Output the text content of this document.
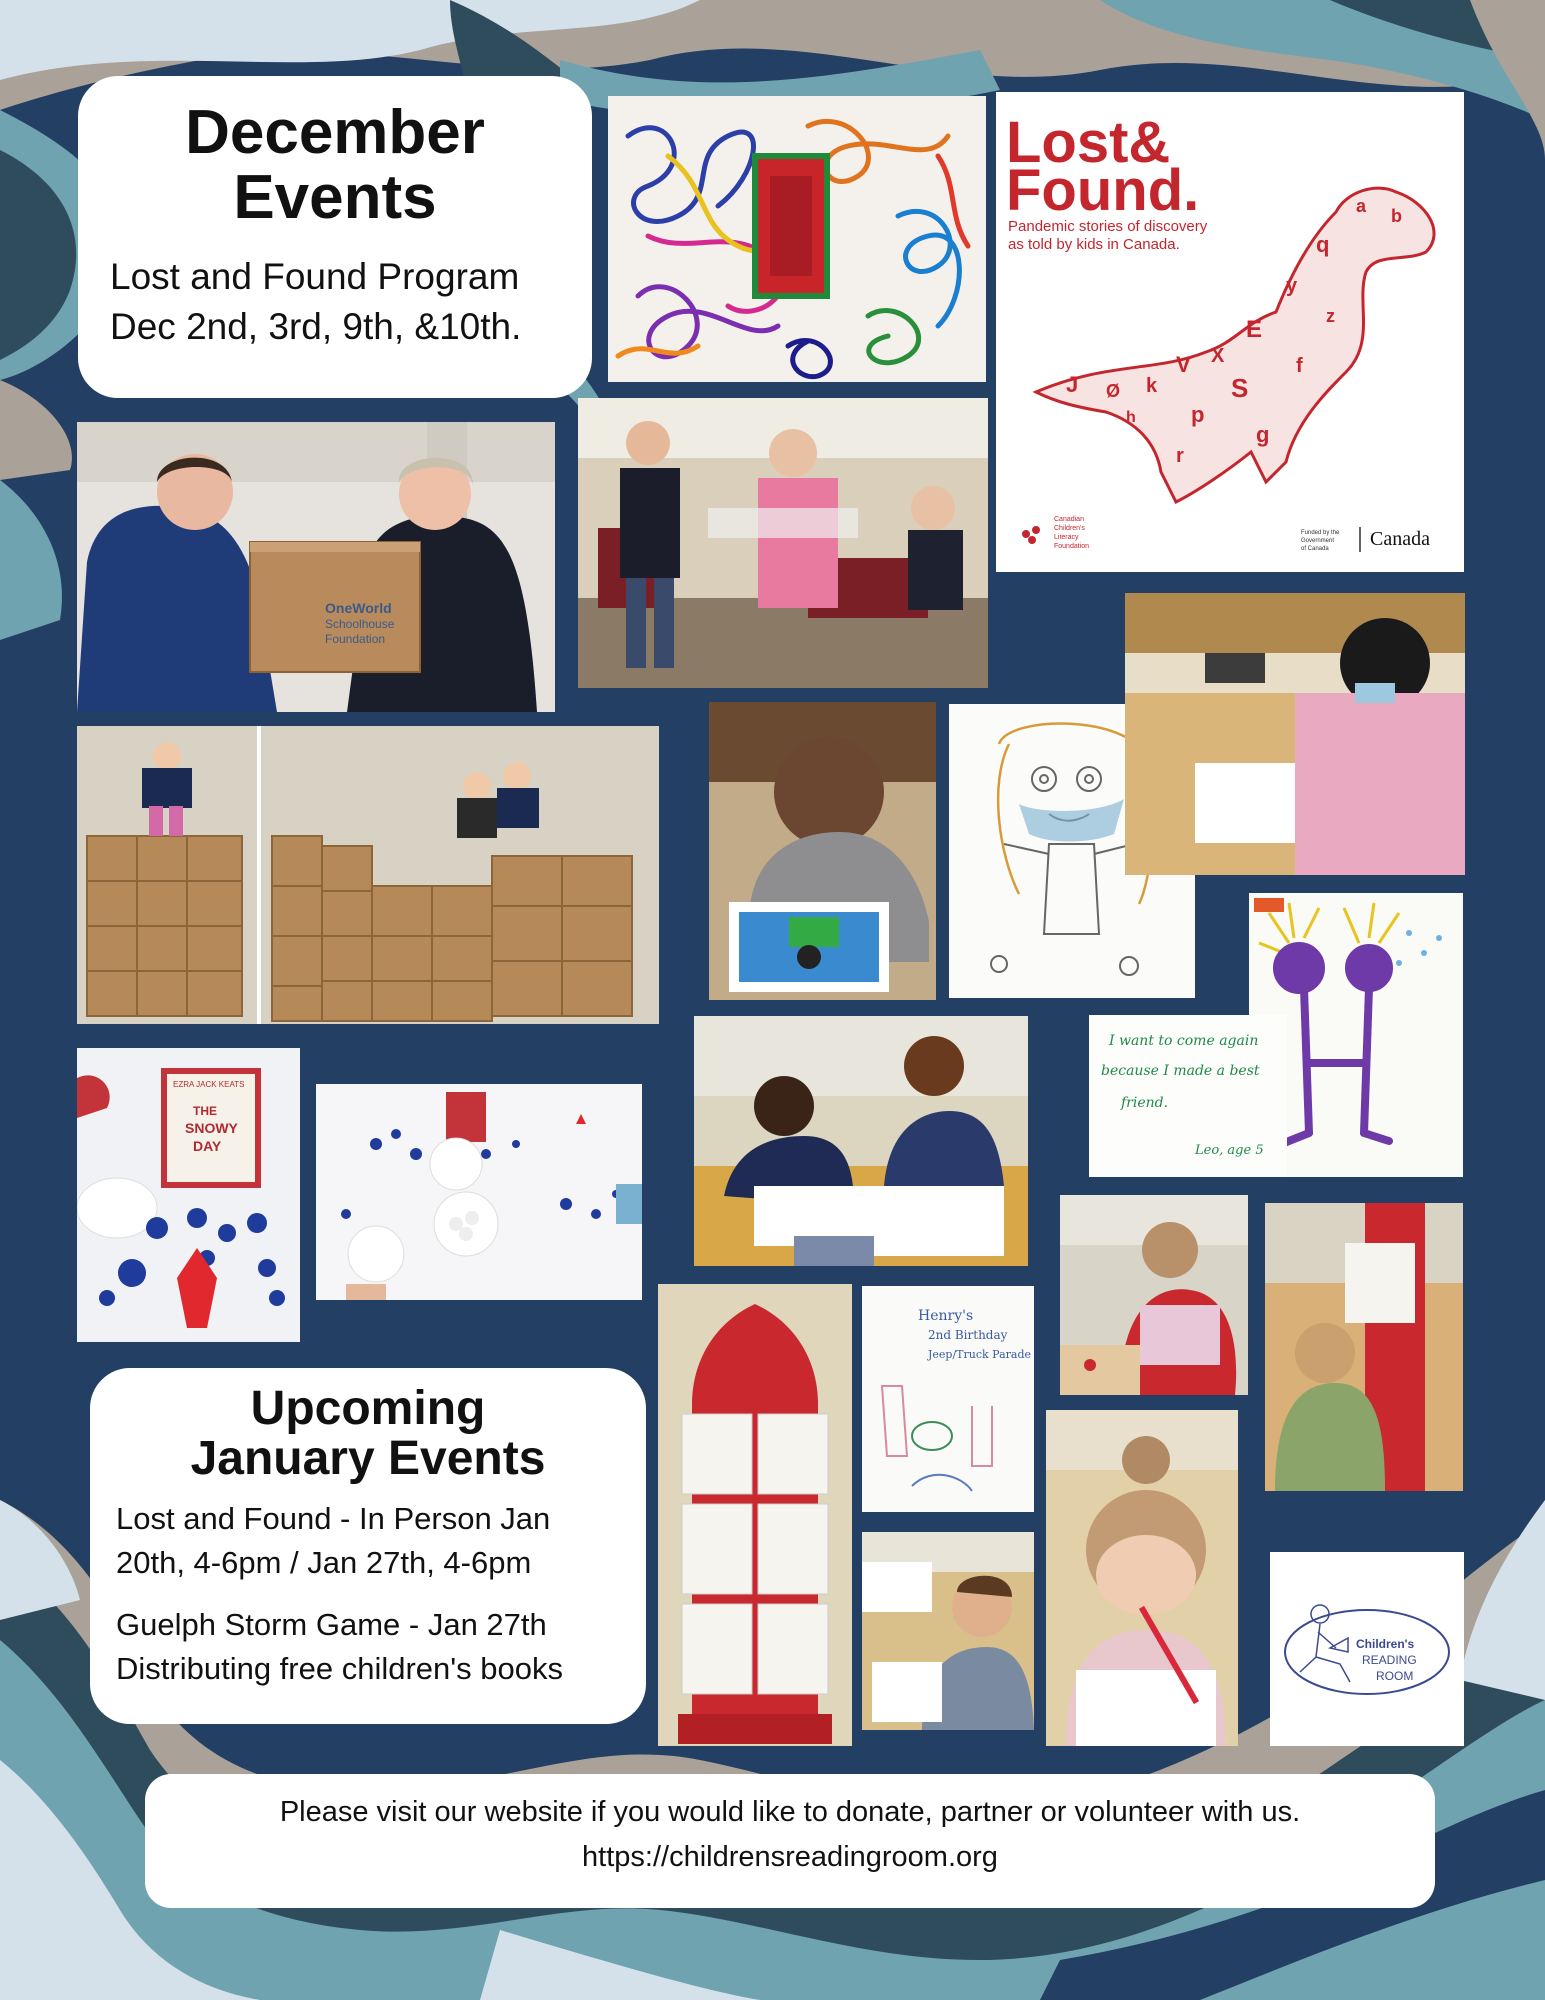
December
Events

Lost and Found Program

Dec 2nd, 3rd, 9th, &10th.

Lost&
Found.
Pandemic stories of discovery
as told by kids in Canada.
J Ø k
V X
E
y
q
a b
S
p
g
f
r
z
h
Canadian
Children's
Literacy
Foundation
Funded by the
Government
of Canada Canada
OneWorld
Schoolhouse
Foundation
I want to come again
because I made a best
friend.
Leo, age 5
EZRA JACK KEATS
THE
SNOWY
DAY
Henry's
2nd Birthday
Jeep/Truck Parade
Upcoming
January Events

Lost and Found - In Person Jan

20th, 4-6pm / Jan 27th, 4-6pm

Guelph Storm Game - Jan 27th

Distributing free children's books

Children's
READING
ROOM

Please visit our website if you would like to donate, partner or volunteer with us.

https://childrensreadingroom.org
